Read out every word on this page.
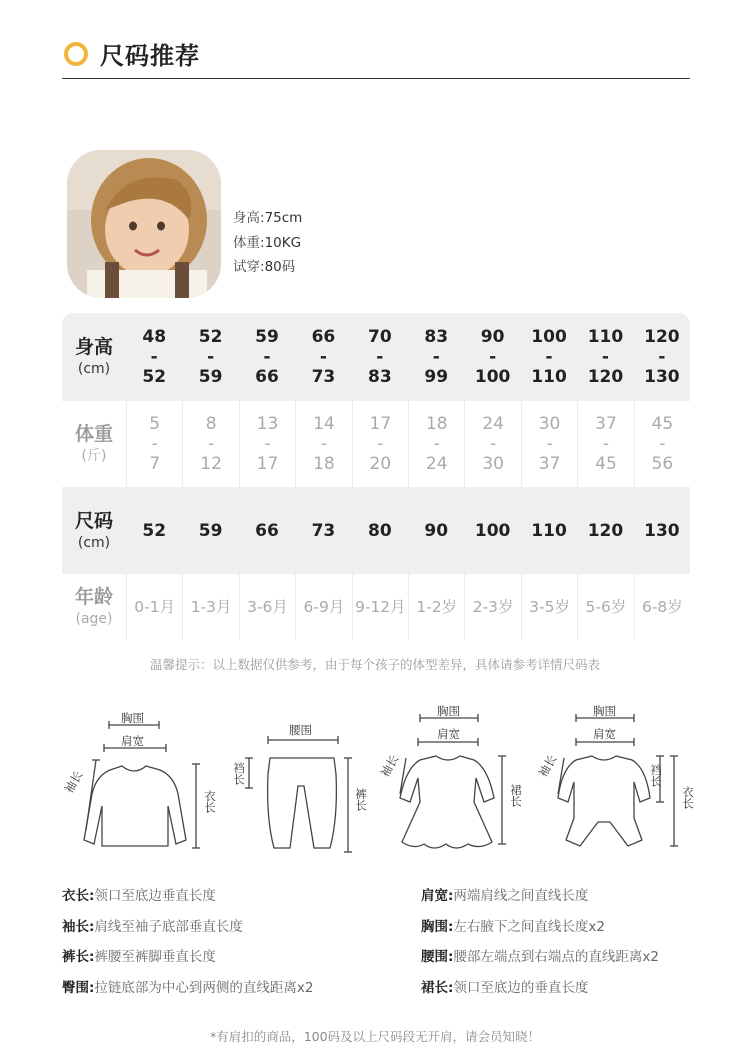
尺码推荐
身高:75cm
体重:10KG
试穿:80码
身高
(cm)
48
-
52
52
-
59
59
-
66
66
-
73
70
-
83
83
-
99
90
-
100
100
-
110
110
-
120
120
-
130
体重
(斤)
5
-
7
8
-
12
13
-
17
14
-
18
17
-
20
18
-
24
24
-
30
30
-
37
37
-
45
45
-
56
尺码
(cm)
52 59 66 73 80 90 100 110 120 130
年龄
(age)
0-1月 1-3月 3-6月 6-9月 9-12月 1-2岁 2-3岁 3-5岁 5-6岁 6-8岁
温馨提示：以上数据仅供参考，由于每个孩子的体型差异，具体请参考详情尺码表
胸围
肩宽
袖长
衣长
腰围
裆长
裤长
胸围
肩宽
袖长
裙长
胸围
肩宽
袖长	裆长
衣长
衣长:领口至底边垂直长度
袖长:肩线至袖子底部垂直长度
裤长:裤腰至裤脚垂直长度
臀围:拉链底部为中心到两侧的直线距离x2
肩宽:两端肩线之间直线长度
胸围:左右腋下之间直线长度x2
腰围:腰部左端点到右端点的直线距离x2
裙长:领口至底边的垂直长度
*有肩扣的商品，100码及以上尺码段无开肩，请会员知晓！
